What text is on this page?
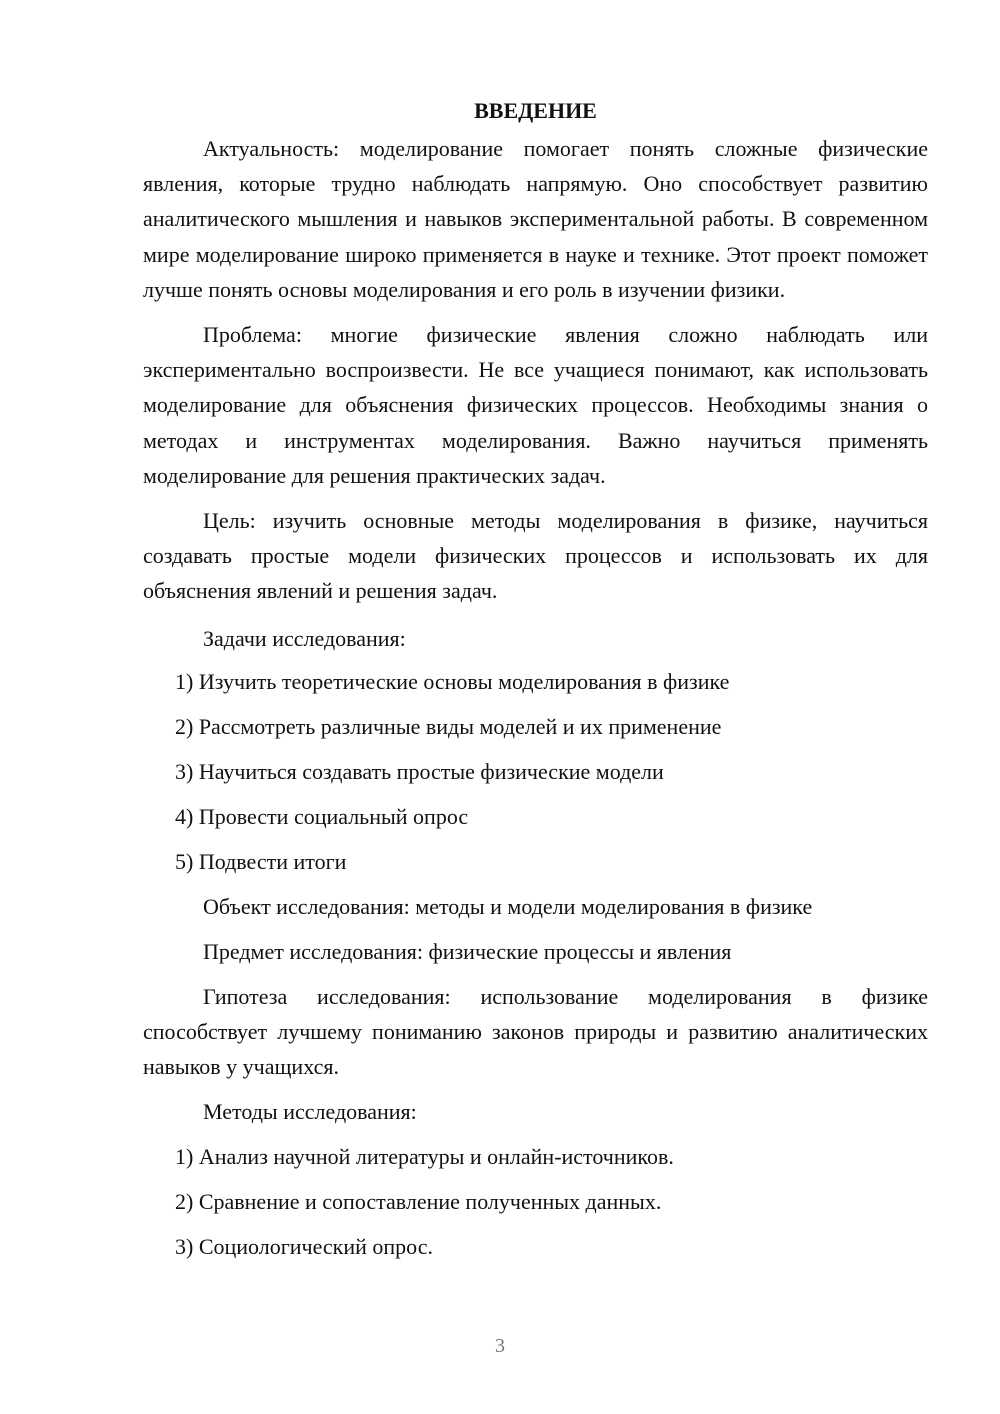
ВВЕДЕНИЕ

Актуальность: моделирование помогает понять сложные физические явления, которые трудно наблюдать напрямую. Оно способствует развитию аналитического мышления и навыков экспериментальной работы. В современном мире моделирование широко применяется в науке и технике. Этот проект поможет лучше понять основы моделирования и его роль в изучении физики.

Проблема: многие физические явления сложно наблюдать или экспериментально воспроизвести. Не все учащиеся понимают, как использовать моделирование для объяснения физических процессов. Необходимы знания о методах и инструментах моделирования. Важно научиться применять моделирование для решения практических задач.

Цель: изучить основные методы моделирования в физике, научиться создавать простые модели физических процессов и использовать их для объяснения явлений и решения задач.

Задачи исследования:

1) Изучить теоретические основы моделирования в физике

2) Рассмотреть различные виды моделей и их применение

3) Научиться создавать простые физические модели

4) Провести социальный опрос

5) Подвести итоги

Объект исследования: методы и модели моделирования в физике

Предмет исследования: физические процессы и явления

Гипотеза исследования: использование моделирования в физике способствует лучшему пониманию законов природы и развитию аналитических навыков у учащихся.

Методы исследования:

1) Анализ научной литературы и онлайн-источников.

2) Сравнение и сопоставление полученных данных.

3) Социологический опрос.

3
